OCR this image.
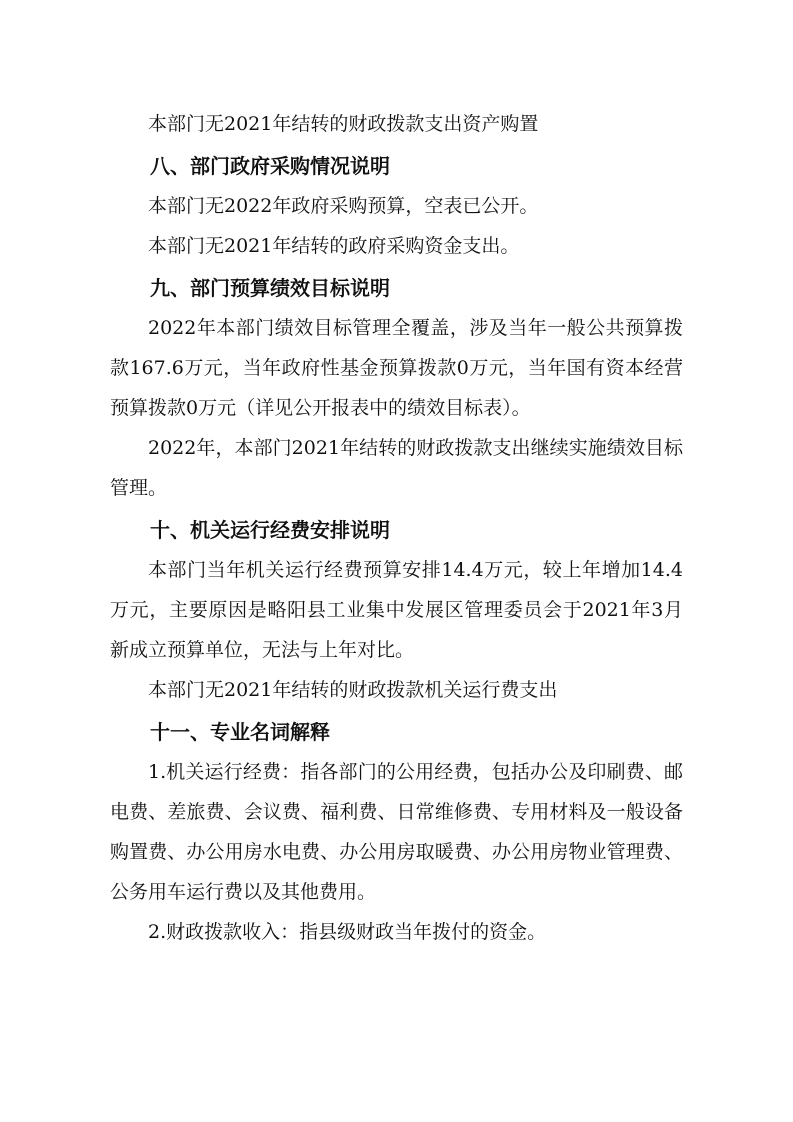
本部门无2021年结转的财政拨款支出资产购置

八、部门政府采购情况说明

本部门无2022年政府采购预算，空表已公开。

本部门无2021年结转的政府采购资金支出。

九、部门预算绩效目标说明

2022年本部门绩效目标管理全覆盖，涉及当年一般公共预算拨款167.6万元，当年政府性基金预算拨款0万元，当年国有资本经营预算拨款0万元（详见公开报表中的绩效目标表）。

2022年，本部门2021年结转的财政拨款支出继续实施绩效目标管理。

十、机关运行经费安排说明

本部门当年机关运行经费预算安排14.4万元，较上年增加14.4万元，主要原因是略阳县工业集中发展区管理委员会于2021年3月新成立预算单位，无法与上年对比。

本部门无2021年结转的财政拨款机关运行费支出

十一、专业名词解释

1.机关运行经费：指各部门的公用经费，包括办公及印刷费、邮电费、差旅费、会议费、福利费、日常维修费、专用材料及一般设备购置费、办公用房水电费、办公用房取暖费、办公用房物业管理费、公务用车运行费以及其他费用。

2.财政拨款收入：指县级财政当年拨付的资金。
